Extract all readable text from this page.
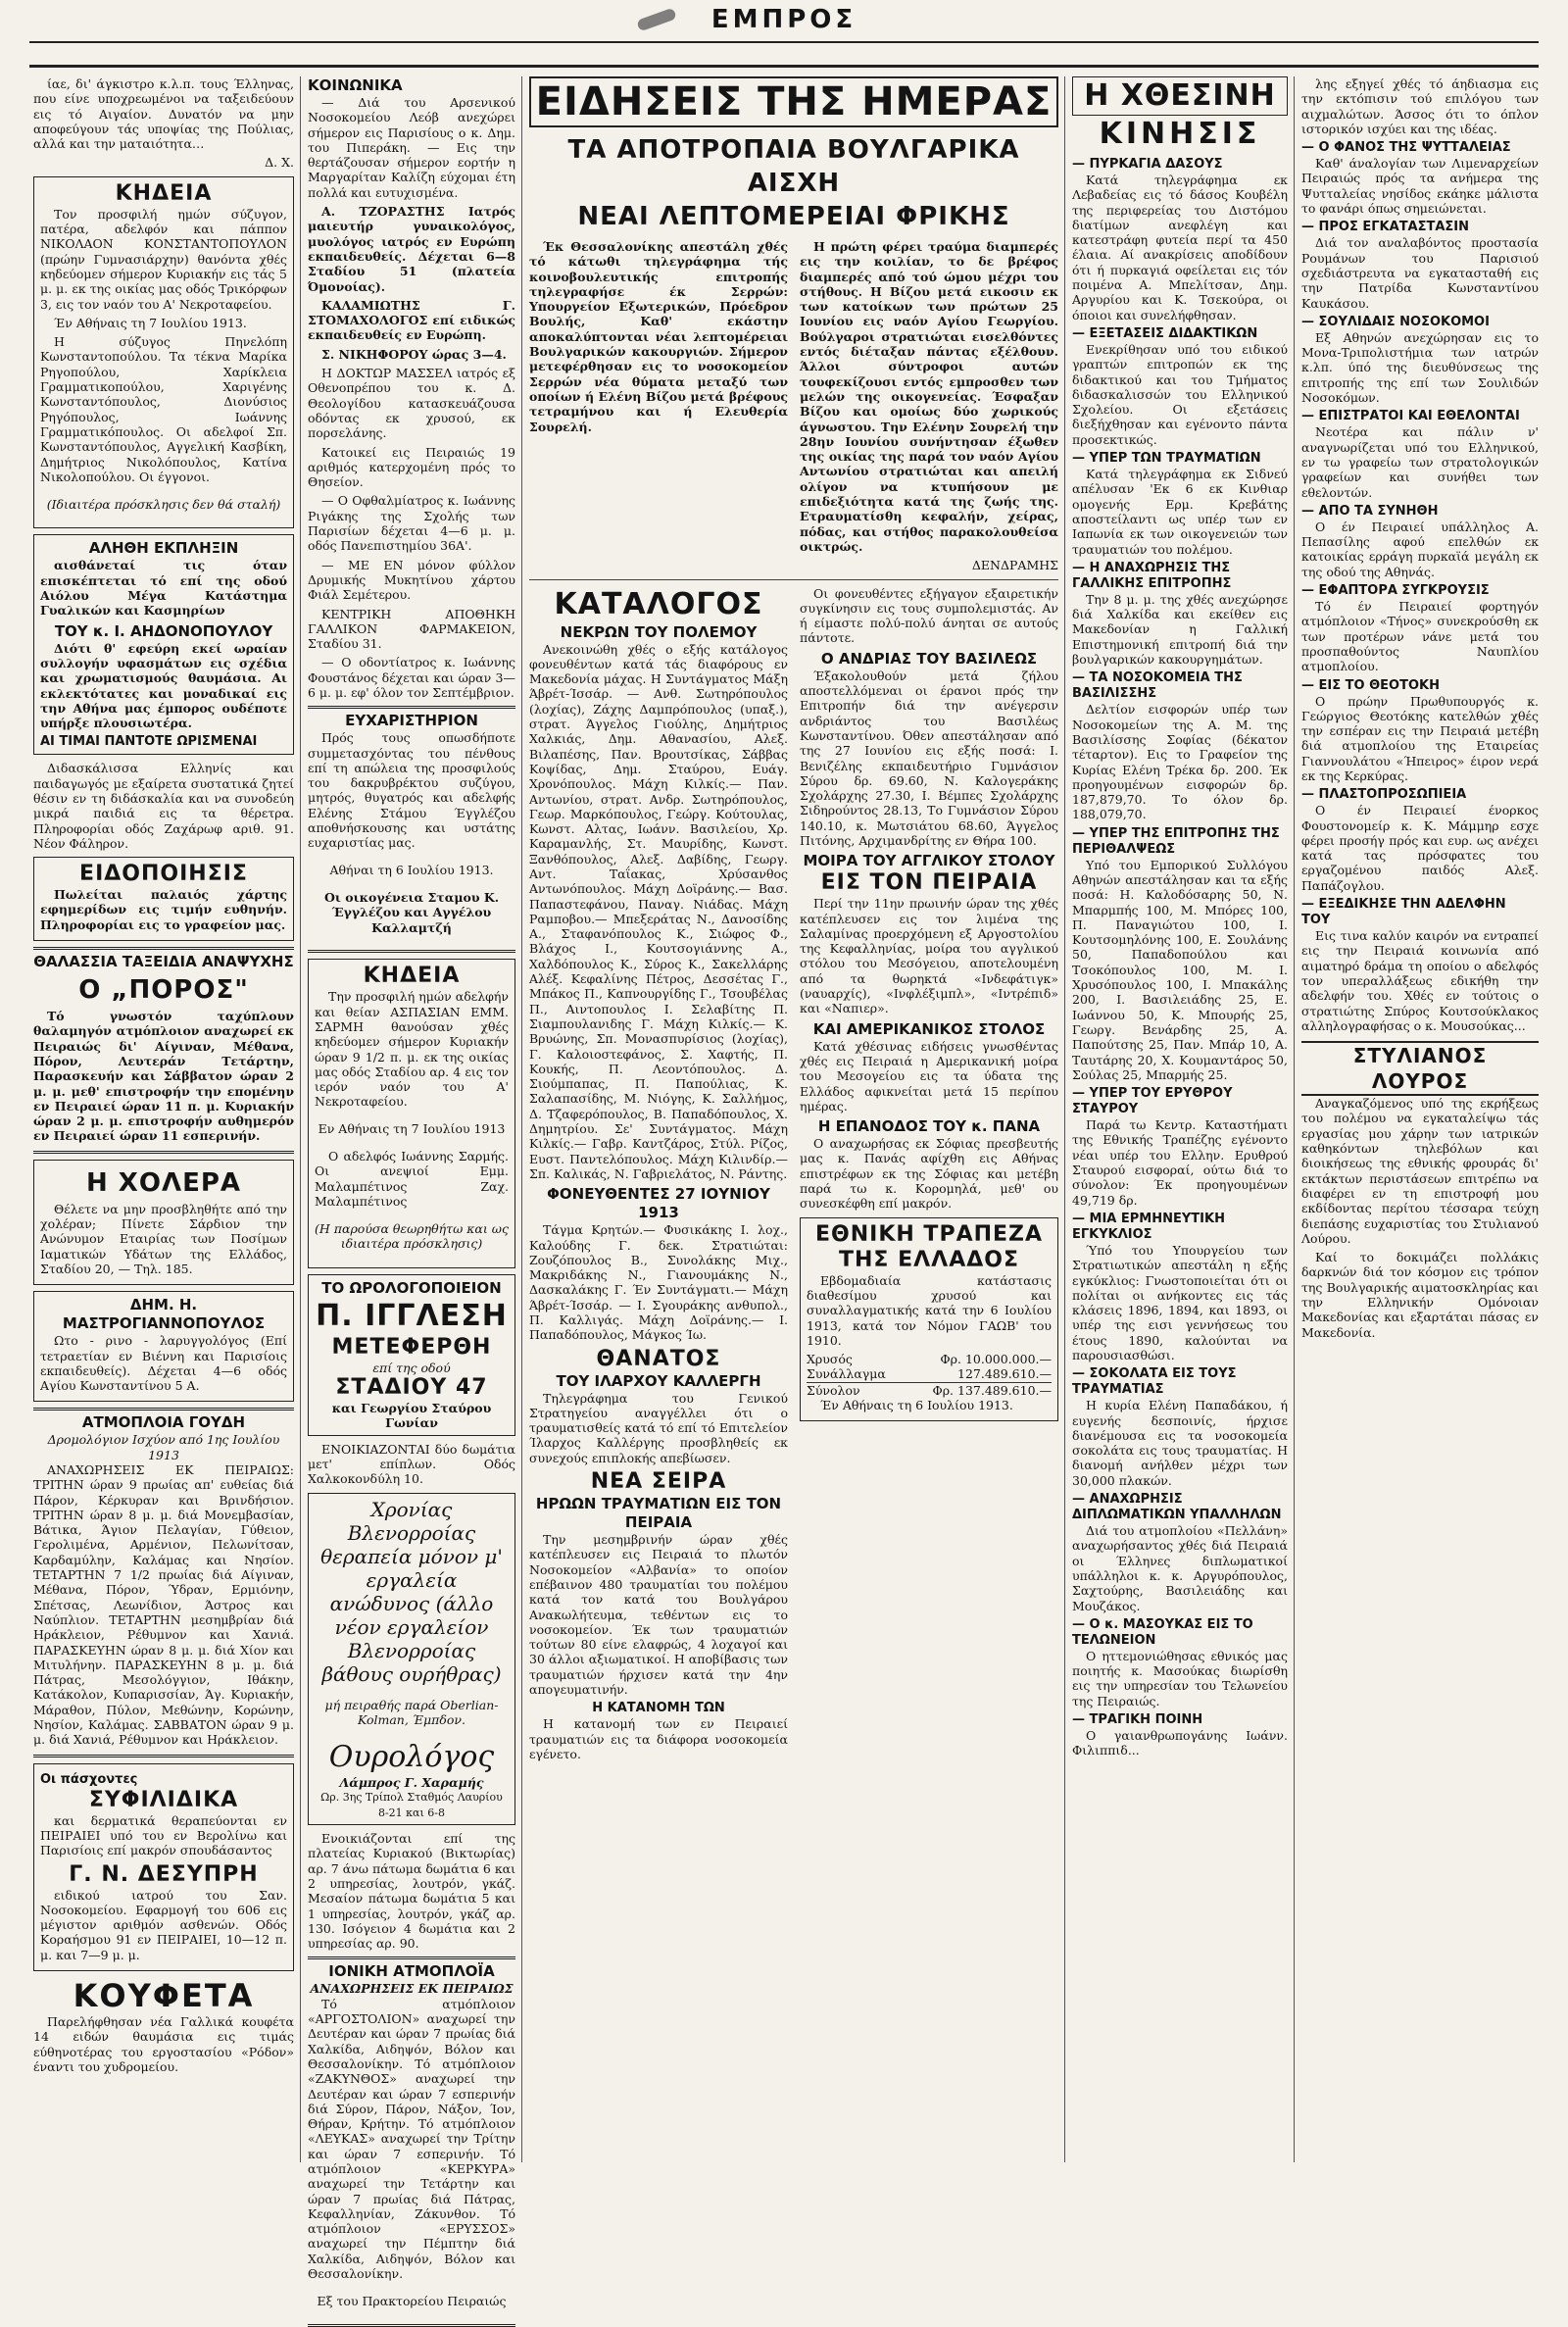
ΕΜΠΡΟΣ

ίαε, δι' άγκιστρο κ.λ.π. τους Έλληνας, που είνε υποχρεωμένοι να ταξειδεύουν εις τό Αιγαίον. Δυνατόν να μην αποφεύγουν τάς υποψίας της Πούλιας, αλλά και την ματαιότητα…

Δ. Χ.
ΚΗΔΕΙΑ

Τον προσφιλή ημών σύζυγον, πατέρα, αδελφόν και πάππον ΝΙΚΟΛΑΟΝ ΚΟΝΣΤΑΝΤΟΠΟΥΛΟΝ (πρώην Γυμνασιάρχην) θανόντα χθές κηδεύομεν σήμερον Κυριακήν εις τάς 5 μ. μ. εκ της οικίας μας οδός Τρικόρφων 3, εις τον ναόν του Α' Νεκροταφείου.

Έν Αθήναις τη 7 Ιουλίου 1913.

Η σύζυγος Πηνελόπη Κωνσταντοπούλου. Τα τέκνα Μαρίκα Ρηγοπούλου, Χαρίκλεια Γραμματικοπούλου, Χαριγένης Κωνσταντόπουλος, Διονύσιος Ρηγόπουλος, Ιωάννης Γραμματικόπουλος. Οι αδελφοί Σπ. Κωνσταντόπουλος, Αγγελική Κασβίκη, Δημήτριος Νικολόπουλος, Κατίνα Νικολοπούλου. Οι έγγονοι.

(Ιδιαιτέρα πρόσκλησις δεν θά σταλή)

ΑΛΗΘΗ ΕΚΠΛΗΞΙΝ

αισθάνεταί τις όταν επισκέπτεται τό επί της οδού Αιόλου Μέγα Κατάστημα Γυαλικών και Κασμηρίων

ΤΟΥ κ. Ι. ΑΗΔΟΝΟΠΟΥΛΟΥ

Διότι θ' εφεύρη εκεί ωραίαν συλλογήν υφασμάτων εις σχέδια και χρωματισμούς θαυμάσια. Αι εκλεκτότατες και μοναδικαί εις την Αθήνα μας έμπορος ουδέποτε υπήρξε πλουσιωτέρα.

ΑΙ ΤΙΜΑΙ ΠΑΝΤΟΤΕ ΩΡΙΣΜΕΝΑΙ

Διδασκάλισσα Ελληνίς και παιδαγωγός με εξαίρετα συστατικά ζητεί θέσιν εν τη διδάσκαλία και να συνοδεύη μικρά παιδιά εις τα θέρετρα. Πληροφορίαι οδός Ζαχάρωφ αριθ. 91. Νέον Φάληρον.

ΕΙΔΟΠΟΙΗΣΙΣ

Πωλείται παλαιός χάρτης εφημερίδων εις τιμήν ευθηνήν. Πληροφορίαι εις το γραφείον μας.

ΘΑΛΑΣΣΙΑ ΤΑΞΕΙΔΙΑ ΑΝΑΨΥΧΗΣ
Ο „ΠΟΡΟΣ"

Τό γνωστόν ταχύπλουν θαλαμηγόν ατμόπλοιον αναχωρεί εκ Πειραιώς δι' Αίγιναν, Μέθανα, Πόρον, Λευτεράν Τετάρτην, Παρασκευήν και Σάββατον ώραν 2 μ. μ. μεθ' επιστροφήν την επομένην εν Πειραιεί ώραν 11 π. μ. Κυριακήν ώραν 2 μ. μ. επιστροφήν αυθημερόν εν Πειραιεί ώραν 11 εσπερινήν.

Η ΧΟΛΕΡΑ

Θέλετε να μην προσβληθήτε από την χολέραν; Πίνετε Σάρδιον την Ανώνυμον Εταιρίας των Ποσίμων Ιαματικών Υδάτων της Ελλάδος, Σταδίου 20, — Τηλ. 185.

ΔΗΜ. Η. ΜΑΣΤΡΟΓΙΑΝΝΟΠΟΥΛΟΣ

Ωτο - ρινο - λαρυγγολόγος (Επί τετραετίαν εν Βιέννη και Παρισίοις εκπαιδευθείς). Δέχεται 4—6 οδός Αγίου Κωνσταντίνου 5 Α.

ΑΤΜΟΠΛΟΙΑ ΓΟΥΔΗ
Δρομολόγιον Ισχύον από 1ης Ιουλίου 1913

ΑΝΑΧΩΡΗΣΕΙΣ ΕΚ ΠΕΙΡΑΙΩΣ: ΤΡΙΤΗΝ ώραν 9 πρωίας απ' ευθείας διά Πάρον, Κέρκυραν και Βρινδήσιον. ΤΡΙΤΗΝ ώραν 8 μ. μ. διά Μονεμβασίαν, Βάτικα, Άγιον Πελαγίαν, Γύθειον, Γερολιμένα, Αρμένιον, Πελωνίτσαν, Καρδαμύλην, Καλάμας και Νησίον. ΤΕΤΑΡΤΗΝ 7 1/2 πρωίας διά Αίγιναν, Μέθανα, Πόρον, Ύδραν, Ερμιόνην, Σπέτσας, Λεωνίδιον, Άστρος και Ναύπλιον. ΤΕΤΑΡΤΗΝ μεσημβρίαν διά Ηράκλειον, Ρέθυμνον και Χανιά. ΠΑΡΑΣΚΕΥΗΝ ώραν 8 μ. μ. διά Χίον και Μιτυλήνην. ΠΑΡΑΣΚΕΥΗΝ 8 μ. μ. διά Πάτρας, Μεσολόγγιον, Ιθάκην, Κατάκολον, Κυπαρισσίαν, Άγ. Κυριακήν, Μάραθον, Πύλον, Μεθώνην, Κορώνην, Νησίον, Καλάμας. ΣΑΒΒΑΤΟΝ ώραν 9 μ. μ. διά Χανιά, Ρέθυμνον και Ηράκλειον.

Οι πάσχοντες
ΣΥΦΙΛΙΔΙΚΑ

και δερματικά θεραπεύονται εν ΠΕΙΡΑΙΕΙ υπό του εν Βερολίνω και Παρισίοις επί μακρόν σπουδάσαντος

Γ. Ν. ΔΕΣΥΠΡΗ

ειδικού ιατρού του Σαν. Νοσοκομείου. Εφαρμογή του 606 εις μέγιστον αριθμόν ασθενών. Οδός Κοραήσμου 91 εν ΠΕΙΡΑΙΕΙ, 10—12 π. μ. και 7—9 μ. μ.

ΚΟΥΦΕΤΑ

Παρελήφθησαν νέα Γαλλικά κουφέτα 14 ειδών θαυμάσια εις τιμάς εύθηνοτέρας του εργοστασίου «Ρόδον» έναντι του χυδρομείου.

ΚΟΙΝΩΝΙΚΑ

— Διά του Αρσενικού Νοσοκομείου Λεόβ ανεχώρει σήμερον εις Παρισίους ο κ. Δημ. του Πιπεράκη. — Εις την θερτάζουσαν σήμερον εορτήν η Μαργαρίταν Καλίζη εύχομαι έτη πολλά και ευτυχισμένα.

Α. ΤΖΟΡΑΣΤΗΣ Ιατρός μαιευτήρ γυναικολόγος, μυολόγος ιατρός εν Ευρώπη εκπαιδευθείς. Δέχεται 6—8 Σταδίου 51 (πλατεία Όμονοίας).

ΚΑΛΑΜΙΩΤΗΣ Γ. ΣΤΟΜΑΧΟΛΟΓΟΣ επί ειδικώς εκπαιδευθείς εν Ευρώπη.

Σ. ΝΙΚΗΦΟΡΟΥ ώρας 3—4.

Η ΔΟΚΤΩΡ ΜΑΣΣΕΛ ιατρός εξ Οθενοπρέπου του κ. Δ. Θεολογίδου κατασκευάζουσα οδόντας εκ χρυσού, εκ πορσελάνης.

Κατοικεί εις Πειραιώς 19 αριθμός κατερχομένη πρός το Θησείον.

— Ο Οφθαλμίατρος κ. Ιωάννης Ριγάκης της Σχολής των Παρισίων δέχεται 4—6 μ. μ. οδός Πανεπιστημίου 36Α'.

— ΜΕ ΕΝ μόνον φύλλον Δρυμικής Μυκητίνου χάρτου Φιάλ Σεμέτερου.

ΚΕΝΤΡΙΚΗ ΑΠΟΘΗΚΗ ΓΑΛΛΙΚΟΝ ΦΑΡΜΑΚΕΙΟΝ, Σταδίου 31.

— Ο οδοντίατρος κ. Ιωάννης Φουστάνος δέχεται και ώραν 3—6 μ. μ. εφ' όλον τον Σεπτέμβριον.

ΕΥΧΑΡΙΣΤΗΡΙΟΝ

Πρός τους οπωσδήποτε συμμετασχόντας του πένθους επί τη απώλεια της προσφιλούς του δακρυβρέκτου συζύγου, μητρός, θυγατρός και αδελφής Ελένης Στάμου Έγγλέζου αποθνήσκουσης και υστάτης ευχαριστίας μας.

Αθήναι τη 6 Ιουλίου 1913.

Οι οικογένεια Σταμου Κ. Έγγλέζου και Αγγέλου Καλλαμτζή

ΚΗΔΕΙΑ

Την προσφιλή ημών αδελφήν και θείαν ΑΣΠΑΣΙΑΝ ΕΜΜ. ΣΑΡΜΗ θανούσαν χθές κηδεύομεν σήμερον Κυριακήν ώραν 9 1/2 π. μ. εκ της οικίας μας οδός Σταδίου αρ. 4 εις τον ιερόν ναόν του Α' Νεκροταφείου.

Εν Αθήναις τη 7 Ιουλίου 1913

Ο αδελφός Ιωάννης Σαρμής. Οι ανεψιοί Εμμ. Μαλαμπέτινος Ζαχ. Μαλαμπέτινος

(Η παρούσα θεωρηθήτω και ως ιδιαιτέρα πρόσκλησις)

ΤΟ ΩΡΟΛΟΓΟΠΟΙΕΙΟΝ
Π. ΙΓΓΛΕΣΗ
ΜΕΤΕΦΕΡΘΗ
επί της οδού
ΣΤΑΔΙΟΥ 47
και Γεωργίου Σταύρου Γωνίαν

ΕΝΟΙΚΙΑΖΟΝΤΑΙ δύο δωμάτια μετ' επίπλων. Οδός Χαλκοκονδύλη 10.

Χρονίας Βλενορροίας θεραπεία μόνον μ' εργαλεία ανώδυνος (άλλο νέον εργαλείον Βλενορροίας βάθους ουρήθρας)

μή πειραθής παρά Oberlian-Kolman, Έμπδον.

Ουρολόγος
Λάμπρος Γ. Χαραμής
Ωρ. 3ης Τρίπολ Σταθμός Λαυρίου 8-21 και 6-8

Ενοικιάζονται επί της πλατείας Κυριακού (Βικτωρίας) αρ. 7 άνω πάτωμα δωμάτια 6 και 2 υπηρεσίας, λουτρόν, γκάζ. Μεσαίον πάτωμα δωμάτια 5 και 1 υπηρεσίας, λουτρόν, γκάζ αρ. 130. Ισόγειον 4 δωμάτια και 2 υπηρεσίας αρ. 90.

ΙΟΝΙΚΗ ΑΤΜΟΠΛΟΪΑ
ΑΝΑΧΩΡΗΣΕΙΣ ΕΚ ΠΕΙΡΑΙΩΣ

Τό ατμόπλοιον «ΑΡΓΟΣΤΟΛΙΟΝ» αναχωρεί την Δευτέραν και ώραν 7 πρωίας διά Χαλκίδα, Αιδηψόν, Βόλον και Θεσσαλονίκην. Τό ατμόπλοιον «ΖΑΚΥΝΘΟΣ» αναχωρεί την Δευτέραν και ώραν 7 εσπερινήν διά Σύρον, Πάρον, Νάξον, Ίον, Θήραν, Κρήτην. Τό ατμόπλοιον «ΛΕΥΚΑΣ» αναχωρεί την Τρίτην και ώραν 7 εσπερινήν. Τό ατμόπλοιον «ΚΕΡΚΥΡΑ» αναχωρεί την Τετάρτην και ώραν 7 πρωίας διά Πάτρας, Κεφαλληνίαν, Ζάκυνθον. Τό ατμόπλοιον «ΕΡΥΣΣΟΣ» αναχωρεί την Πέμπτην διά Χαλκίδα, Αιδηψόν, Βόλον και Θεσσαλονίκην.

Εξ του Πρακτορείου Πειραιώς

ΕΙΔΗΣΕΙΣ ΤΗΣ ΗΜΕΡΑΣ
ΤΑ ΑΠΟΤΡΟΠΑΙΑ ΒΟΥΛΓΑΡΙΚΑ ΑΙΣΧΗ
ΝΕΑΙ ΛΕΠΤΟΜΕΡΕΙΑΙ ΦΡΙΚΗΣ

Έκ Θεσσαλονίκης απεστάλη χθές τό κάτωθι τηλεγράφημα τής κοινοβουλευτικής επιτροπής τηλεγραφήσε έκ Σερρών: Υπουργείον Εξωτερικών, Πρόεδρον Βουλής, Καθ' εκάστην αποκαλύπτονται νέαι λεπτομέρειαι Βουλγαρικών κακουργιών. Σήμερον μετεφέρθησαν εις το νοσοκομείον Σερρών νέα θύματα μεταξύ των οποίων ή Ελένη Βίζου μετά βρέφους τετραμήνου και ή Ελευθερία Σουρελή.

Η πρώτη φέρει τραύμα διαμπερές εις την κοιλίαν, το δε βρέφος διαμπερές από τού ώμου μέχρι του στήθους. Η Βίζου μετά εικοσιν εκ των κατοίκων των πρώτων 25 Ιουνίου εις ναόν Αγίου Γεωργίου. Βούλγαροι στρατιώται εισελθόντες εντός διέταξαν πάντας εξέλθουν. Άλλοι σύντροφοι αυτών τουφεκίζουσι εντός εμπροσθεν των μελών της οικογενείας. Έσφαξαν Βίζου και ομοίως δύο χωρικούς άγνωστου. Την Ελένην Σουρελή την 28ην Ιουνίου συνήντησαν έξωθεν της οικίας της παρά τον ναόν Αγίου Αντωνίου στρατιώται και απειλή ολίγον να κτυπήσουν με επιδεξιότητα κατά της ζωής της. Ετραυματίσθη κεφαλήν, χείρας, πόδας, και στήθος παρακολουθείσα οικτρώς.

ΔΕΝΔΡΑΜΗΣ
ΚΑΤΑΛΟΓΟΣ
ΝΕΚΡΩΝ ΤΟΥ ΠΟΛΕΜΟΥ

Ανεκοινώθη χθές ο εξής κατάλογος φονευθέντων κατά τάς διαφόρους εν Μακεδονία μάχας. Η Συντάγματος Μάξη Άβρέτ-Ίσσάρ. — Ανθ. Σωτηρόπουλος (λοχίας), Ζάχης Δαμπρόπουλος (υπαξ.), στρατ. Άγγελος Γιούλης, Δημήτριος Χαλκιάς, Δημ. Αθανασίου, Αλεξ. Βιλαπέσης, Παν. Βρουτσίκας, Σάββας Κοψίδας, Δημ. Σταύρου, Ευάγ. Χρονόπουλος. Μάχη Κιλκίς.— Παν. Αντωνίου, στρατ. Ανδρ. Σωτηρόπουλος, Γεωρ. Μαρκόπουλος, Γεώργ. Κούτουλας, Κωνστ. Αλτας, Ιωάνν. Βασιλείου, Χρ. Καραμανλής, Στ. Μαυρίδης, Κωνστ. Ξανθόπουλος, Αλεξ. Δαβίδης, Γεωργ. Αντ. Ταΐακας, Χρύσανθος Αντωνόπουλος. Μάχη Δοϊράνης.— Βασ. Παπαστεφάνου, Παναγ. Νιάδας. Μάχη Ραμποβου.— Μπεξεράτας Ν., Δανοσίδης Α., Σταφανόπουλος Κ., Σιώφος Φ., Βλάχος Ι., Κουτσογιάννης Α., Χαλδόπουλος Κ., Σύρος Κ., Σακελλάρης Αλέξ. Κεφαλίνης Πέτρος, Δεσσέτας Γ., Μπάκος Π., Καπνουργίδης Γ., Τσουβέλας Π., Αιντοπουλος Ι. Σελαβίτης Π. Σιαμπουλανιδης Γ. Μάχη Κιλκίς.— Κ. Βρυώνης, Σπ. Μονασπυρίσιος (λοχίας), Γ. Καλοιοστεφάνος, Σ. Χαφτής, Π. Κουκής, Π. Λεοντόπουλος. Δ. Σιούμπαπας, Π. Παπούλιας, Κ. Σαλαπασίδης, Μ. Νιόγης, Κ. Σαλλήμος, Δ. Τζαφερόπουλος, Β. Παπαδόπουλος, Χ. Δημητρίου. Σε' Συντάγματος. Μάχη Κιλκίς.— Γαβρ. Καντζάρος, Στύλ. Ρίζος, Ευστ. Παντελόπουλος. Μάχη Κιλινδίρ.— Σπ. Καλικάς, Ν. Γαβριελάτος, Ν. Ράντης.

ΦΟΝΕΥΘΕΝΤΕΣ 27 ΙΟΥΝΙΟΥ 1913

Τάγμα Κρητών.— Φυσικάκης Ι. λοχ., Καλούδης Γ. δεκ. Στρατιώται: Ζουζόπουλος Β., Συνολάκης Μιχ., Μακριδάκης Ν., Γιανουμάκης Ν., Δασκαλάκης Γ. Έν Συντάγματι.— Μάχη Άβρέτ-Ίσσάρ. — Ι. Σγουράκης ανθυπολ., Π. Καλλιγάς. Μάχη Δοϊράνης.— Ι. Παπαδόπουλος, Μάγκος Ίω.

ΘΑΝΑΤΟΣ
ΤΟΥ ΙΛΑΡΧΟΥ ΚΑΛΛΕΡΓΗ

Τηλεγράφημα του Γενικού Στρατηγείου αναγγέλλει ότι ο τραυματισθείς κατά τό επί τό Επιτελείον Ίλαρχος Καλλέργης προσβληθείς εκ συνεχούς επιπλοκής απεβίωσεν.

ΝΕΑ ΣΕΙΡΑ
ΗΡΩΩΝ ΤΡΑΥΜΑΤΙΩΝ ΕΙΣ ΤΟΝ ΠΕΙΡΑΙΑ

Την μεσημβρινήν ώραν χθές κατέπλευσεν εις Πειραιά το πλωτόν Νοσοκομείον «Αλβανία» το οποίον επέβαινον 480 τραυματίαι του πολέμου κατά τον κατά του Βουλγάρου Ανακωλήτευμα, τεθέντων εις το νοσοκομείον. Έκ των τραυματιών τούτων 80 είνε ελαφρώς, 4 λοχαγοί και 30 άλλοι αξιωματικοί. Η αποβίβασις των τραυματιών ήρχισεν κατά την 4ην απογευματινήν.

Η ΚΑΤΑΝΟΜΗ ΤΩΝ

Η κατανομή των εν Πειραιεί τραυματιών εις τα διάφορα νοσοκομεία εγένετο.

Οι φονευθέντες εξήγαγον εξαιρετικήν συγκίνησιν εις τους συμπολεμιστάς. Αν ή είμαστε πολύ-πολύ άνηται σε αυτούς πάντοτε.

Ο ΑΝΔΡΙΑΣ ΤΟΥ ΒΑΣΙΛΕΩΣ

Έξακολουθούν μετά ζήλου αποστελλόμεναι οι έρανοι πρός την Επιτροπήν διά την ανέγερσιν ανδριάντος του Βασιλέως Κωνσταντίνου. Όθεν απεστάλησαν από της 27 Ιουνίου εις εξής ποσά: Ι. Βενιζέλης εκπαιδευτήριο Γυμνάσιον Σύρου δρ. 69.60, Ν. Καλογεράκης Σχολάρχης 27.30, Ι. Βέμπες Σχολάρχης Σιδηρούντος 28.13, Το Γυμνάσιον Σύρου 140.10, κ. Μωτσιάτου 68.60, Άγγελος Πιτόνης, Αρχιμανδρίτης εν Θήρα 100.

ΜΟΙΡΑ ΤΟΥ ΑΓΓΛΙΚΟΥ ΣΤΟΛΟΥ
ΕΙΣ ΤΟΝ ΠΕΙΡΑΙΑ

Περί την 11ην πρωινήν ώραν της χθές κατέπλευσεν εις τον λιμένα της Σαλαμίνας προερχόμενη εξ Αργοστολίου της Κεφαλληνίας, μοίρα του αγγλικού στόλου του Μεσόγειου, αποτελουμένη από τα θωρηκτά «Ινδεφάτιγκ» (ναυαρχίς), «Ινφλέξιμπλ», «Ιντρέπιδ» και «Ναπιερ».

ΚΑΙ ΑΜΕΡΙΚΑΝΙΚΟΣ ΣΤΟΛΟΣ

Κατά χθέσινας ειδήσεις γνωσθέντας χθές εις Πειραιά η Αμερικανική μοίρα του Μεσογείου εις τα ύδατα της Ελλάδος αφικνείται μετά 15 περίπου ημέρας.

Η ΕΠΑΝΟΔΟΣ ΤΟΥ κ. ΠΑΝΑ

Ο αναχωρήσας εκ Σόφιας πρεσβευτής μας κ. Πανάς αφίχθη εις Αθήνας επιστρέφων εκ της Σόφιας και μετέβη παρά τω κ. Κορομηλά, μεθ' ου συνεσκέφθη επί μακρόν.

ΕΘΝΙΚΗ ΤΡΑΠΕΖΑ
ΤΗΣ ΕΛΛΑΔΟΣ

Εβδομαδιαία κατάστασις διαθεσίμου χρυσού και συναλλαγματικής κατά την 6 Ιουλίου 1913, κατά τον Νόμον ΓΑΩΒ' του 1910.

Χρυσός	Φρ. 10.000.000.—
Συνάλλαγμα	127.489.610.—
Σύνολον	Φρ. 137.489.610.—

Έν Αθήναις τη 6 Ιουλίου 1913.

Η ΧΘΕΣΙΝΗ
ΚΙΝΗΣΙΣ
— ΠΥΡΚΑΓΙΑ ΔΑΣΟΥΣ

Κατά τηλεγράφημα εκ Λεβαδείας εις τό δάσος Κουβέλη της περιφερείας του Διστόμου διατίμων ανεφλέγη και κατεστράφη φυτεία περί τα 450 έλαια. Αί ανακρίσεις αποδίδουν ότι ή πυρκαγιά οφείλεται εις τόν ποιμένα Α. Μπελίτσαν, Δημ. Αργυρίου και Κ. Τσεκούρα, οι όποιοι και συνελήφθησαν.

— ΕΞΕΤΑΣΕΙΣ ΔΙΔΑΚΤΙΚΩΝ

Ενεκρίθησαν υπό του ειδικού γραπτών επιτροπών εκ της διδακτικού και του Τμήματος διδασκαλισσών του Ελληνικού Σχολείου. Οι εξετάσεις διεξήχθησαν και εγένοντο πάντα προσεκτικώς.

— ΥΠΕΡ ΤΩΝ ΤΡΑΥΜΑΤΙΩΝ

Κατά τηλεγράφημα εκ Σιδνεύ απέλυσαν 'Εκ 6 εκ Κινθιαρ ομογενής Ερμ. Κρεβάτης αποστείλαντι ως υπέρ των εν Ιαπωνία εκ των οικογενειών των τραυματιών του πολέμου.

— Η ΑΝΑΧΩΡΗΣΙΣ ΤΗΣ ΓΑΛΛΙΚΗΣ ΕΠΙΤΡΟΠΗΣ

Την 8 μ. μ. της χθές ανεχώρησε διά Χαλκίδα και εκείθεν εις Μακεδονίαν η Γαλλική Επιστημονική επιτροπή διά την βουλγαρικών κακουργημάτων.

— ΤΑ ΝΟΣΟΚΟΜΕΙΑ ΤΗΣ ΒΑΣΙΛΙΣΣΗΣ

Δελτίον εισφορών υπέρ των Νοσοκομείων της Α. Μ. της Βασιλίσσης Σοφίας (δέκατον τέταρτον). Εις το Γραφείον της Κυρίας Ελένη Τρέκα δρ. 200. Έκ προηγουμένων εισφορών δρ. 187,879,70. Το όλον δρ. 188,079,70.

— ΥΠΕΡ ΤΗΣ ΕΠΙΤΡΟΠΗΣ ΤΗΣ ΠΕΡΙΘΑΛΨΕΩΣ

Υπό του Εμπορικού Συλλόγου Αθηνών απεστάλησαν και τα εξής ποσά: Η. Καλοδόσαρης 50, Ν. Μπαρμπής 100, Μ. Μπόρες 100, Π. Παναγιώτου 100, Ι. Κουτσομηλόνης 100, Ε. Σουλάνης 50, Παπαδοπούλου και Τσοκόπουλος 100, Μ. Ι. Χρυσόπουλος 100, Ι. Μπακάλης 200, Ι. Βασιλειάδης 25, Ε. Ιωάννου 50, Κ. Μπουρής 25, Γεωργ. Βενάρδης 25, Α. Παπούτσης 25, Παν. Μπάρ 10, Α. Ταυτάρης 20, Χ. Κουμαντάρος 50, Σούλας 25, Μπαρμής 25.

— ΥΠΕΡ ΤΟΥ ΕΡΥΘΡΟΥ ΣΤΑΥΡΟΥ

Παρά τω Κεντρ. Καταστήματι της Εθνικής Τραπέζης εγένοντο νέαι υπέρ του Ελλην. Ερυθρού Σταυρού εισφοραί, ούτω διά το σύνολον: Έκ προηγουμένων 49,719 δρ.

— ΜΙΑ ΕΡΜΗΝΕΥΤΙΚΗ ΕΓΚΥΚΛΙΟΣ

Ύπό του Υπουργείου των Στρατιωτικών απεστάλη η εξής εγκύκλιος: Γνωστοποιείται ότι οι πολίται οι ανήκοντες εις τάς κλάσεις 1896, 1894, και 1893, οι υπέρ της εισι γεννήσεως του έτους 1890, καλούνται να παρουσιασθώσι.

— ΣΟΚΟΛΑΤΑ ΕΙΣ ΤΟΥΣ ΤΡΑΥΜΑΤΙΑΣ

Η κυρία Ελένη Παπαδάκου, ή ευγενής δεσποινίς, ήρχισε διανέμουσα εις τα νοσοκομεία σοκολάτα εις τους τραυματίας. Η διανομή ανήλθεν μέχρι των 30,000 πλακών.

— ΑΝΑΧΩΡΗΣΙΣ ΔΙΠΛΩΜΑΤΙΚΩΝ ΥΠΑΛΛΗΛΩΝ

Διά του ατμοπλοίου «Πελλάνη» αναχωρήσαντος χθές διά Πειραιά οι Έλληνες διπλωματικοί υπάλληλοι κ. κ. Αργυρόπουλος, Σαχτούρης, Βασιλειάδης και Μουζάκος.

— Ο κ. ΜΑΣΟΥΚΑΣ ΕΙΣ ΤΟ ΤΕΛΩΝΕΙΟΝ

Ο ηττεμονιώθησας εθνικός μας ποιητής κ. Μασούκας διωρίσθη εις την υπηρεσίαν του Τελωνείου της Πειραιώς.

— ΤΡΑΓΙΚΗ ΠΟΙΝΗ

Ο γαιανθρωπογάνης Ιωάνν. Φιλιππιδ...

λης εξηγεί χθές τό άηδιασμα εις την εκτόπισιν τού επιλόγου των αιχμαλώτων. Άσσος ότι το όπλον ιστορικόν ισχύει και της ιδέας.

— Ο ΦΑΝΟΣ ΤΗΣ ΨΥΤΤΑΛΕΙΑΣ

Καθ' άναλογίαν των Λιμεναρχείων Πειραιώς πρός τα ανήμερα της Ψυτταλείας νησίδος εκάηκε μάλιστα το φανάρι όπως σημειώνεται.

— ΠΡΟΣ ΕΓΚΑΤΑΣΤΑΣΙΝ

Διά τον αναλαβόντος προστασία Ρουμάνων του Παρισιού σχεδιάστρευτα να εγκατασταθή εις την Πατρίδα Κωνσταντίνου Καυκάσου.

— ΣΟΥΛΙΔΑΙΣ ΝΟΣΟΚΟΜΟΙ

Εξ Αθηνών ανεχώρησαν εις το Μονα-Τριπολιστήμια των ιατρών κ.λπ. ύπό της διευθύνσεως της επιτροπής της επί των Σουλιδών Νοσοκόμων.

— ΕΠΙΣΤΡΑΤΟΙ ΚΑΙ ΕΘΕΛΟΝΤΑΙ

Νεοτέρα και πάλιν ν' αναγνωρίζεται υπό του Ελληνικού, εν τω γραφείω των στρατολογικών γραφείων και συνήθει των εθελοντών.

— ΑΠΟ ΤΑ ΣΥΝΗΘΗ

Ο έν Πειραιεί υπάλληλος Α. Πεπασίλης αφού επελθών εκ κατοικίας ερράγη πυρκαϊά μεγάλη εκ της οδού της Αθηνάς.

— ΕΦΑΠΤΟΡΑ ΣΥΓΚΡΟΥΣΙΣ

Τό έν Πειραιεί φορτηγόν ατμόπλοιον «Τήνος» συνεκρούσθη εκ των προτέρων νάνε μετά του προσπαθούντος Ναυπλίου ατμοπλοίου.

— ΕΙΣ ΤΟ ΘΕΟΤΟΚΗ

Ο πρώην Πρωθυπουργός κ. Γεώργιος Θεοτόκης κατελθών χθές την εσπέραν εις την Πειραιά μετέβη διά ατμοπλοίου της Εταιρείας Γιαννουλάτου «Ήπειρος» έιρον νερά εκ της Κερκύρας.

— ΠΛΑΣΤΟΠΡΟΣΩΠΙΕΙΑ

Ο έν Πειραιεί ένορκος Φουστονομείρ κ. Κ. Μάμμηρ εσχε φέρει προσήγ πρός και ευρ. ως ανέχει κατά τας πρόσφατες του εργαζομένου παιδός Αλεξ. Παπάζογλου.

— ΕΞΕΔΙΚΗΣΕ ΤΗΝ ΑΔΕΛΦΗΝ ΤΟΥ

Εις τινα καλύν καιρόν να εντραπεί εις την Πειραιά κοινωνία από αιματηρό δράμα τη οποίου ο αδελφός τον υπεραλλάξεως εδικήθη την αδελφήν του. Χθές εν τούτοις ο στρατιώτης Σπύρος Κουτσούκλακος αλληλογραφήσας ο κ. Μουσούκας...

ΣΤΥΛΙΑΝΟΣ ΛΟΥΡΟΣ

Αναγκαζόμενος υπό της εκρήξεως του πολέμου να εγκαταλείψω τάς εργασίας μου χάρην των ιατρικών καθηκόντων τηλεβόλων και διοικήσεως της εθνικής φρουράς δι' εκτάκτων περιστάσεων επιτρέπω να διαφέρει εν τη επιστροφή μου εκδίδοντας περίτου τέσσαρα τεύχη διεπάσης ευχαριστίας του Στυλιανού Λούρου.

Καί το δοκιμάζει πολλάκις δαρκνών διά τον κόσμον εις τρόπον της Βουλγαρικής αιματοσκληρίας και την Ελληνικήν Ομόνοιαν Μακεδονίας και εξαρτάται πάσας εν Μακεδονία.
